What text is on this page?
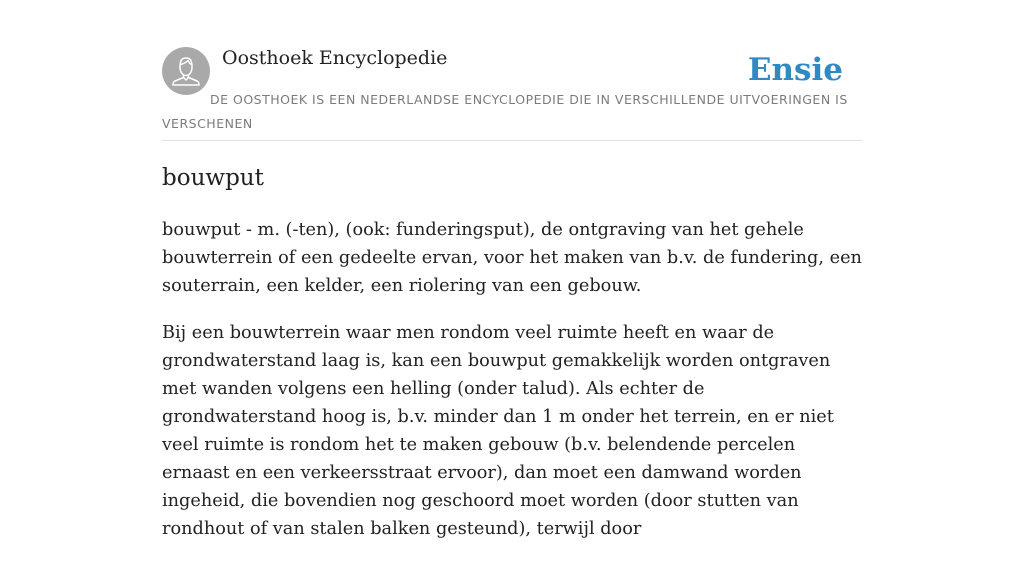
Oosthoek Encyclopedie	Ensie

DE OOSTHOEK IS EEN NEDERLANDSE ENCYCLOPEDIE DIE IN VERSCHILLENDE UITVOERINGEN IS VERSCHENEN

bouwput

bouwput - m. (-ten), (ook: funderingsput), de ontgraving van het gehele bouwterrein of een gedeelte ervan, voor het maken van b.v. de fundering, een souterrain, een kelder, een riolering van een gebouw.

Bij een bouwterrein waar men rondom veel ruimte heeft en waar de grondwaterstand laag is, kan een bouwput gemakkelijk worden ontgraven met wanden volgens een helling (onder talud). Als echter de grondwaterstand hoog is, b.v. minder dan 1 m onder het terrein, en er niet veel ruimte is rondom het te maken gebouw (b.v. belendende percelen ernaast en een verkeersstraat ervoor), dan moet een damwand worden ingeheid, die bovendien nog geschoord moet worden (door stutten van rondhout of van stalen balken gesteund), terwijl door
